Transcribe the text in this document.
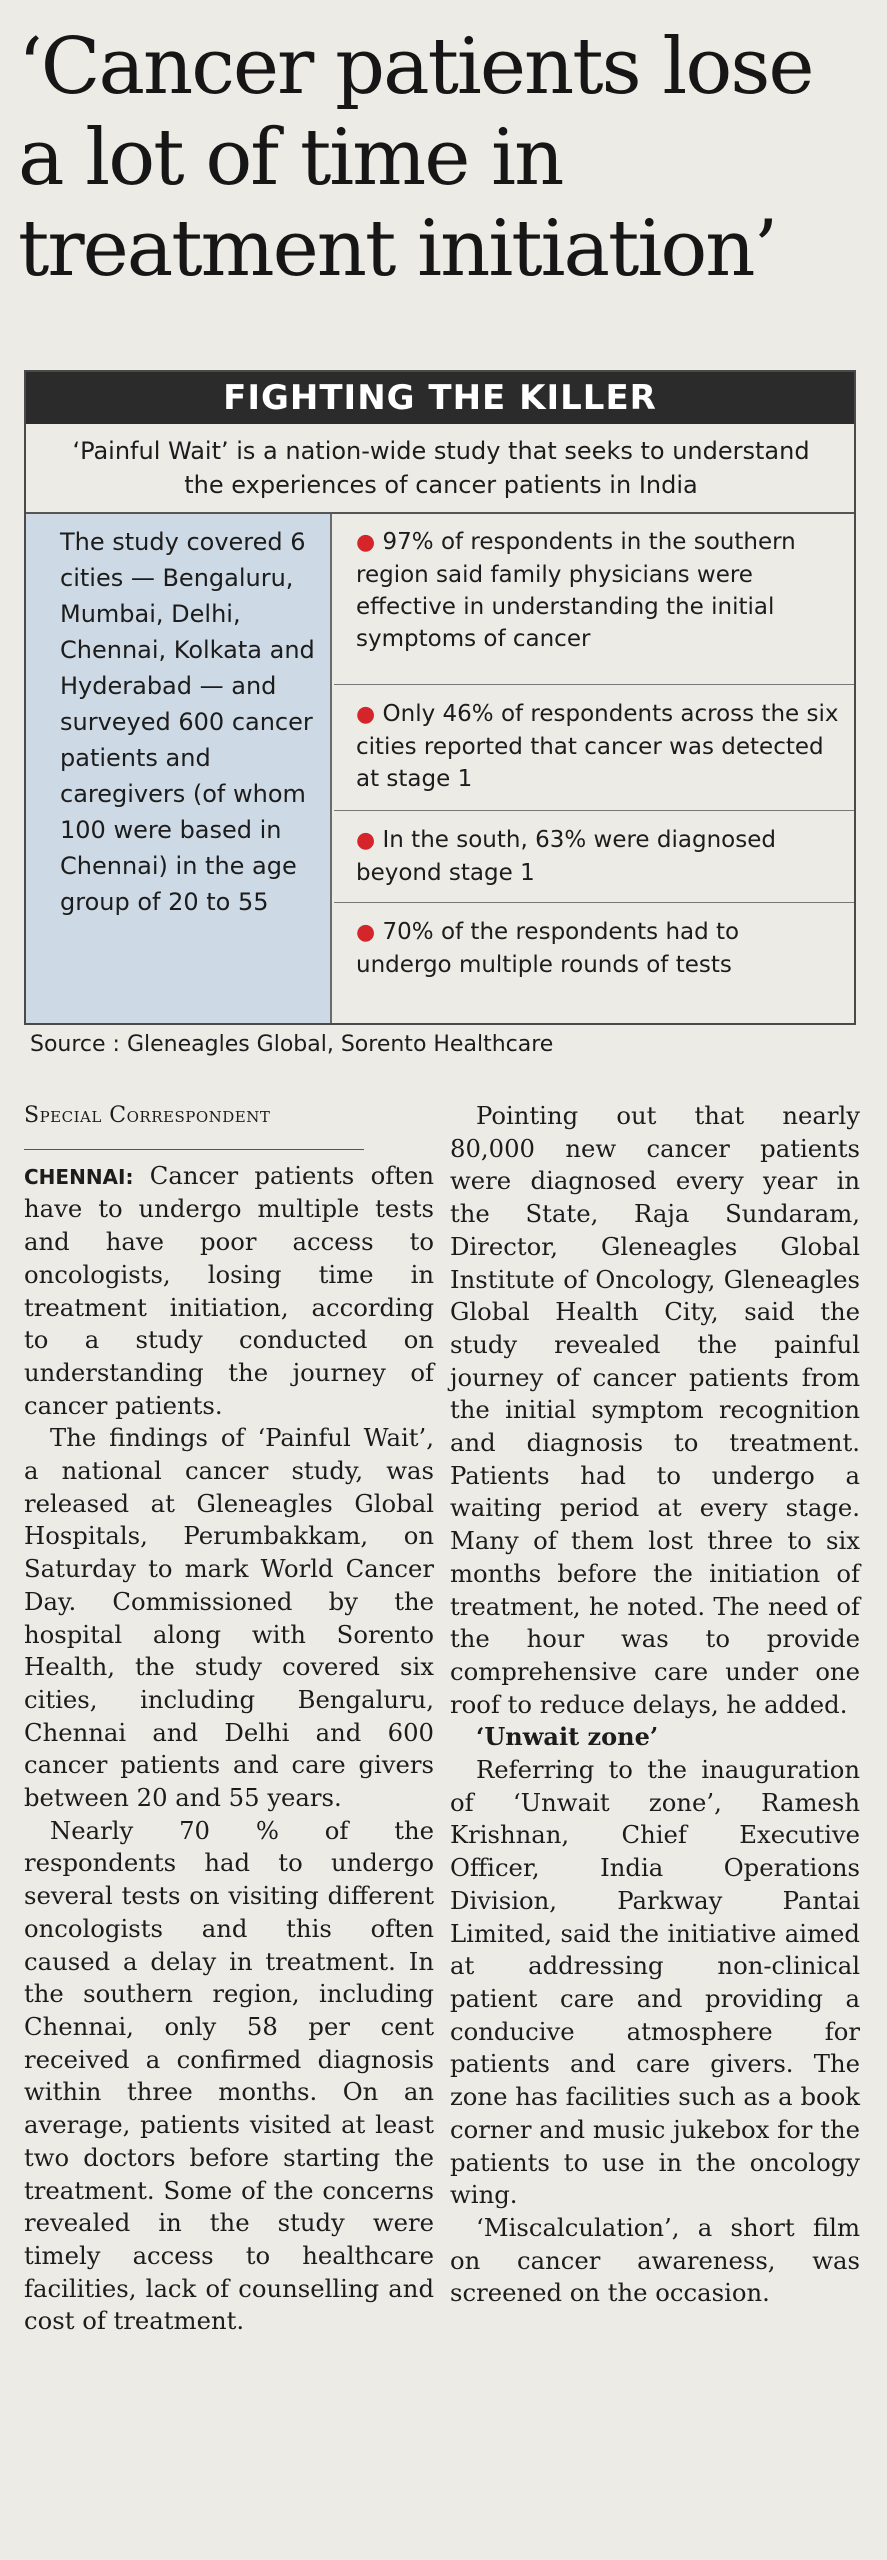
‘Cancer patients lose a lot of time in treatment initiation’
FIGHTING THE KILLER
‘Painful Wait’ is a nation-wide study that seeks to understand the experiences of cancer patients in India

The study covered 6 cities — Bengaluru, Mumbai, Delhi, Chennai, Kolkata and Hyderabad — and surveyed 600 cancer patients and caregivers (of whom 100 were based in Chennai) in the age group of 20 to 55

● 97% of respondents in the southern region said family physicians were effective in understanding the initial symptoms of cancer
● Only 46% of respondents across the six cities reported that cancer was detected at stage 1
● In the south, 63% were diagnosed beyond stage 1
● 70% of the respondents had to undergo multiple rounds of tests
Source : Gleneagles Global, Sorento Healthcare
Special Correspondent

CHENNAI: Cancer patients often have to undergo multiple tests and have poor access to oncologists, losing time in treatment initiation, according to a study conducted on understanding the journey of cancer patients.

The findings of ‘Painful Wait’, a national cancer study, was released at Gleneagles Global Hospitals, Perumbakkam, on Saturday to mark World Cancer Day. Commissioned by the hospital along with Sorento Health, the study covered six cities, including Bengaluru, Chennai and Delhi and 600 cancer patients and care givers between 20 and 55 years.

Nearly 70 % of the respondents had to undergo several tests on visiting different oncologists and this often caused a delay in treatment. In the southern region, including Chennai, only 58 per cent received a confirmed diagnosis within three months. On an average, patients visited at least two doctors before starting the treatment. Some of the concerns revealed in the study were timely access to healthcare facilities, lack of counselling and cost of treatment.

Pointing out that nearly 80,000 new cancer patients were diagnosed every year in the State, Raja Sundaram, Director, Gleneagles Global Institute of Oncology, Gleneagles Global Health City, said the study revealed the painful journey of cancer patients from the initial symptom recognition and diagnosis to treatment. Patients had to undergo a waiting period at every stage. Many of them lost three to six months before the initiation of treatment, he noted. The need of the hour was to provide comprehensive care under one roof to reduce delays, he added.

‘Unwait zone’

Referring to the inauguration of ‘Unwait zone’, Ramesh Krishnan, Chief Executive Officer, India Operations Division, Parkway Pantai Limited, said the initiative aimed at addressing non-clinical patient care and providing a conducive atmosphere for patients and care givers. The zone has facilities such as a book corner and music jukebox for the patients to use in the oncology wing.

‘Miscalculation’, a short film on cancer awareness, was screened on the occasion.
